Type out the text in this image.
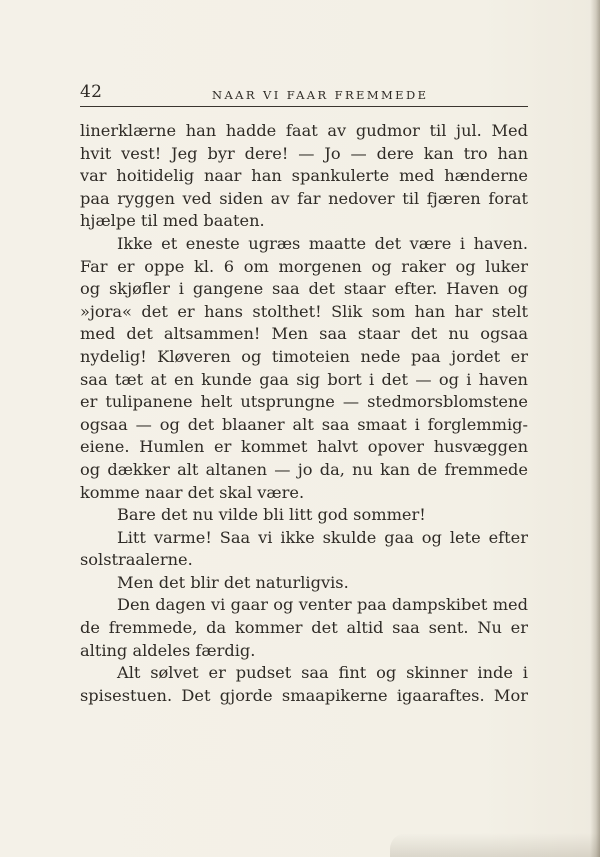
42	NAAR VI FAAR FREMMEDE
linerklærne han hadde faat av gudmor til jul. Med
hvit vest! Jeg byr dere! — Jo — dere kan tro han
var hoitidelig naar han spankulerte med hænderne
paa ryggen ved siden av far nedover til fjæren forat
hjælpe til med baaten.
Ikke et eneste ugræs maatte det være i haven.
Far er oppe kl. 6 om morgenen og raker og luker
og skjøfler i gangene saa det staar efter. Haven og
»jora« det er hans stolthet! Slik som han har stelt
med det altsammen! Men saa staar det nu ogsaa
nydelig! Kløveren og timoteien nede paa jordet er
saa tæt at en kunde gaa sig bort i det — og i haven
er tulipanene helt utsprungne — stedmorsblomstene
ogsaa — og det blaaner alt saa smaat i forglemmig-
eiene. Humlen er kommet halvt opover husvæggen
og dækker alt altanen — jo da, nu kan de fremmede
komme naar det skal være.
Bare det nu vilde bli litt god sommer!
Litt varme! Saa vi ikke skulde gaa og lete efter
solstraalerne.
Men det blir det naturligvis.
Den dagen vi gaar og venter paa dampskibet med
de fremmede, da kommer det altid saa sent. Nu er
alting aldeles færdig.
Alt sølvet er pudset saa fint og skinner inde i
spisestuen. Det gjorde smaapikerne igaaraftes. Mor
